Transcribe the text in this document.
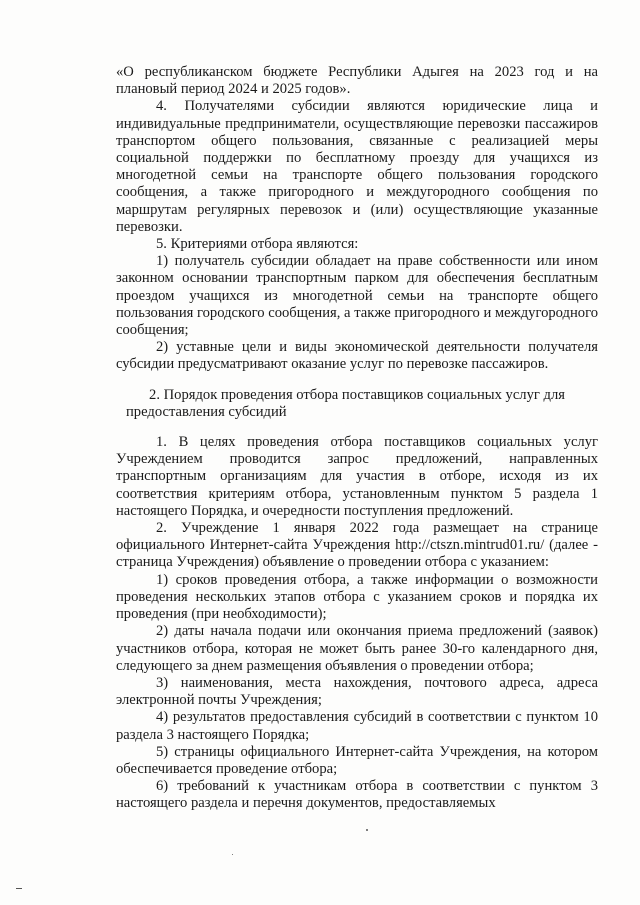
«О республиканском бюджете Республики Адыгея на 2023 год и на плановый период 2024 и 2025 годов».

4. Получателями субсидии являются юридические лица и индивидуальные предприниматели, осуществляющие перевозки пассажиров транспортом общего пользования, связанные с реализацией меры социальной поддержки по бесплатному проезду для учащихся из многодетной семьи на транспорте общего пользования городского сообщения, а также пригородного и междугородного сообщения по маршрутам регулярных перевозок и (или) осуществляющие указанные перевозки.

5. Критериями отбора являются:

1) получатель субсидии обладает на праве собственности или ином законном основании транспортным парком для обеспечения бесплатным проездом учащихся из многодетной семьи на транспорте общего пользования городского сообщения, а также пригородного и междугородного сообщения;

2) уставные цели и виды экономической деятельности получателя субсидии предусматривают оказание услуг по перевозке пассажиров.

2. Порядок проведения отбора поставщиков социальных услуг для предоставления субсидий

1. В целях проведения отбора поставщиков социальных услуг Учреждением проводится запрос предложений, направленных транспортным организациям для участия в отборе, исходя из их соответствия критериям отбора, установленным пунктом 5 раздела 1 настоящего Порядка, и очередности поступления предложений.

2. Учреждение 1 января 2022 года размещает на странице официального Интернет-сайта Учреждения http://ctszn.mintrud01.ru/ (далее - страница Учреждения) объявление о проведении отбора с указанием:

1) сроков проведения отбора, а также информации о возможности проведения нескольких этапов отбора с указанием сроков и порядка их проведения (при необходимости);

2) даты начала подачи или окончания приема предложений (заявок) участников отбора, которая не может быть ранее 30-го календарного дня, следующего за днем размещения объявления о проведении отбора;

3) наименования, места нахождения, почтового адреса, адреса электронной почты Учреждения;

4) результатов предоставления субсидий в соответствии с пунктом 10 раздела 3 настоящего Порядка;

5) страницы официального Интернет-сайта Учреждения, на котором обеспечивается проведение отбора;

6) требований к участникам отбора в соответствии с пунктом 3 настоящего раздела и перечня документов, предоставляемых
